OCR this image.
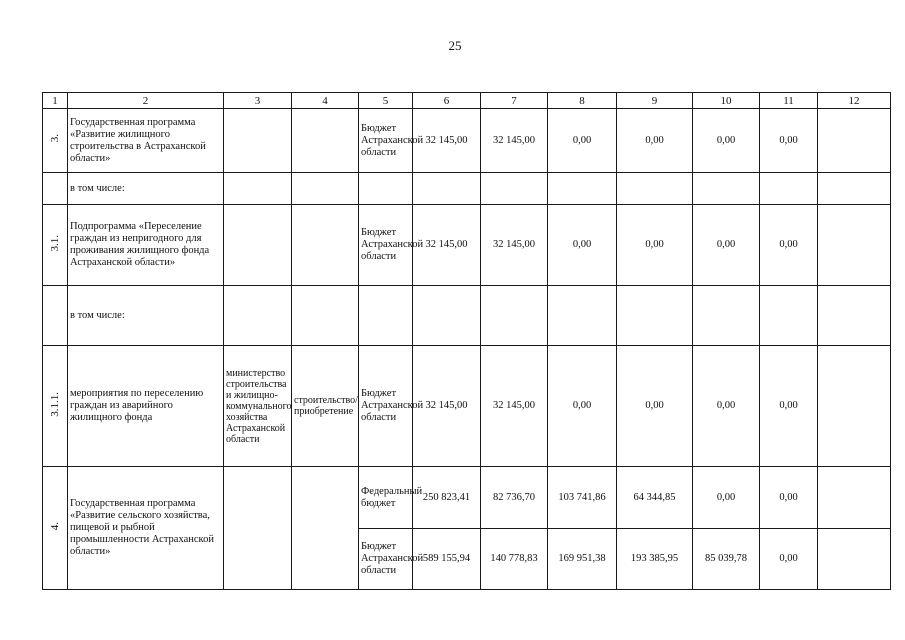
25
1	2	3	4	5	6	7	8	9	10	11	12
3.	Государственная программа «Развитие жилищного строительства в Астраханской области»			Бюджет Астраханской области	32 145,00	32 145,00	0,00	0,00	0,00	0,00	
	в том числе:										
3.1.	Подпрограмма «Переселение граждан из непригодного для проживания жилищного фонда Астраханской области»			Бюджет Астраханской области	32 145,00	32 145,00	0,00	0,00	0,00	0,00	
	в том числе:										
3.1.1.	мероприятия по переселению граждан из аварийного жилищного фонда	министерство строительства и жилищно-коммунального хозяйства Астраханской области	строительство/ приобретение	Бюджет Астраханской области	32 145,00	32 145,00	0,00	0,00	0,00	0,00	
4.	Государственная программа «Развитие сельского хозяйства, пищевой и рыбной промышленности Астраханской области»			Федеральный бюджет	250 823,41	82 736,70	103 741,86	64 344,85	0,00	0,00	
				Бюджет Астраханской области	589 155,94	140 778,83	169 951,38	193 385,95	85 039,78	0,00	
